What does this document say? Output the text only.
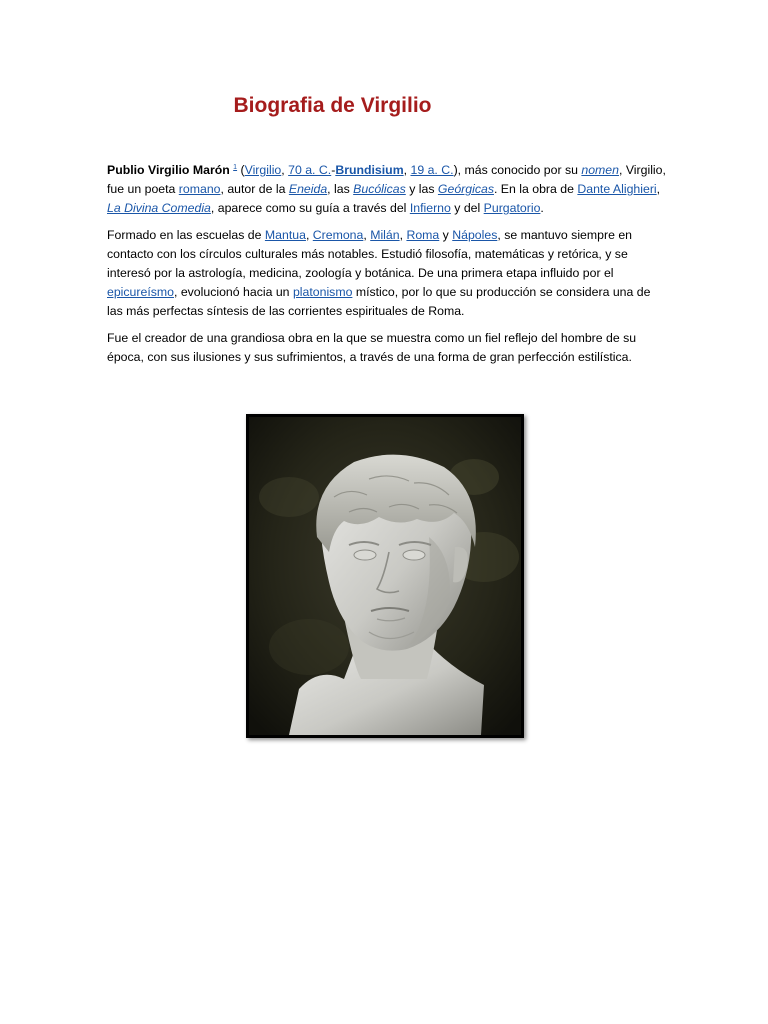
Biografia de Virgilio

Publio Virgilio Marón $^1$ (Virgilio, 70 a. C.-Brundisium, 19 a. C.), más conocido por su nomen, Virgilio, fue un poeta romano, autor de la Eneida, las Bucólicas y las Geórgicas. En la obra de Dante Alighieri, La Divina Comedia, aparece como su guía a través del Infierno y del Purgatorio.

Formado en las escuelas de Mantua, Cremona, Milán, Roma y Nápoles, se mantuvo siempre en contacto con los círculos culturales más notables. Estudió filosofía, matemáticas y retórica, y se interesó por la astrología, medicina, zoología y botánica. De una primera etapa influido por el epicureísmo, evolucionó hacia un platonismo místico, por lo que su producción se considera una de las más perfectas síntesis de las corrientes espirituales de Roma.

Fue el creador de una grandiosa obra en la que se muestra como un fiel reflejo del hombre de su época, con sus ilusiones y sus sufrimientos, a través de una forma de gran perfección estilística.
